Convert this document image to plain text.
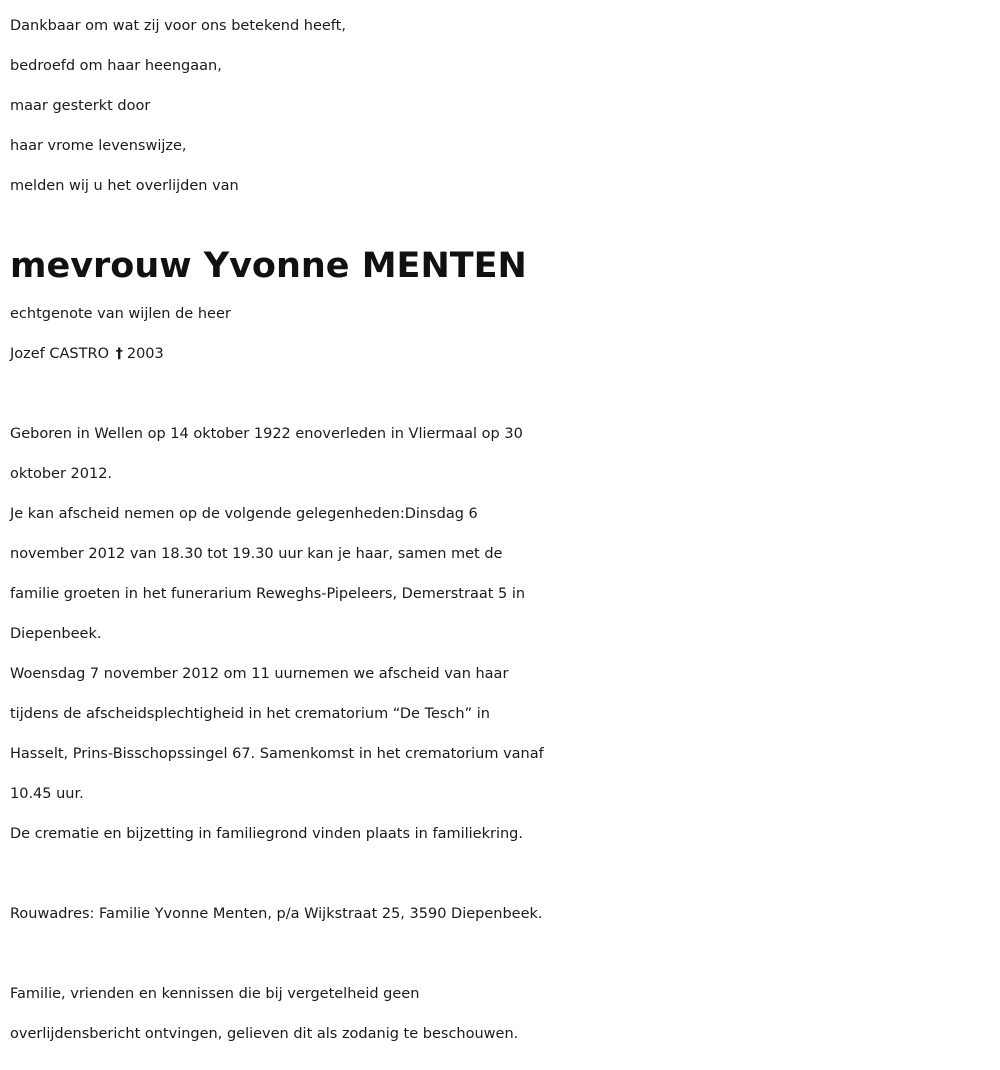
Dankbaar om wat zij voor ons betekend heeft,
bedroefd om haar heengaan,
maar gesterkt door
haar vrome levenswijze,
melden wij u het overlijden van
mevrouw Yvonne MENTEN
echtgenote van wijlen de heer
Jozef CASTRO † 2003
Geboren in Wellen op 14 oktober 1922 enoverleden in Vliermaal op 30
oktober 2012.
Je kan afscheid nemen op de volgende gelegenheden:Dinsdag 6
november 2012 van 18.30 tot 19.30 uur kan je haar, samen met de
familie groeten in het funerarium Reweghs-Pipeleers, Demerstraat 5 in
Diepenbeek.
Woensdag 7 november 2012 om 11 uurnemen we afscheid van haar
tijdens de afscheidsplechtigheid in het crematorium “De Tesch” in
Hasselt, Prins-Bisschopssingel 67. Samenkomst in het crematorium vanaf
10.45 uur.
De crematie en bijzetting in familiegrond vinden plaats in familiekring.
Rouwadres: Familie Yvonne Menten, p/a Wijkstraat 25, 3590 Diepenbeek.
Familie, vrienden en kennissen die bij vergetelheid geen
overlijdensbericht ontvingen, gelieven dit als zodanig te beschouwen.
